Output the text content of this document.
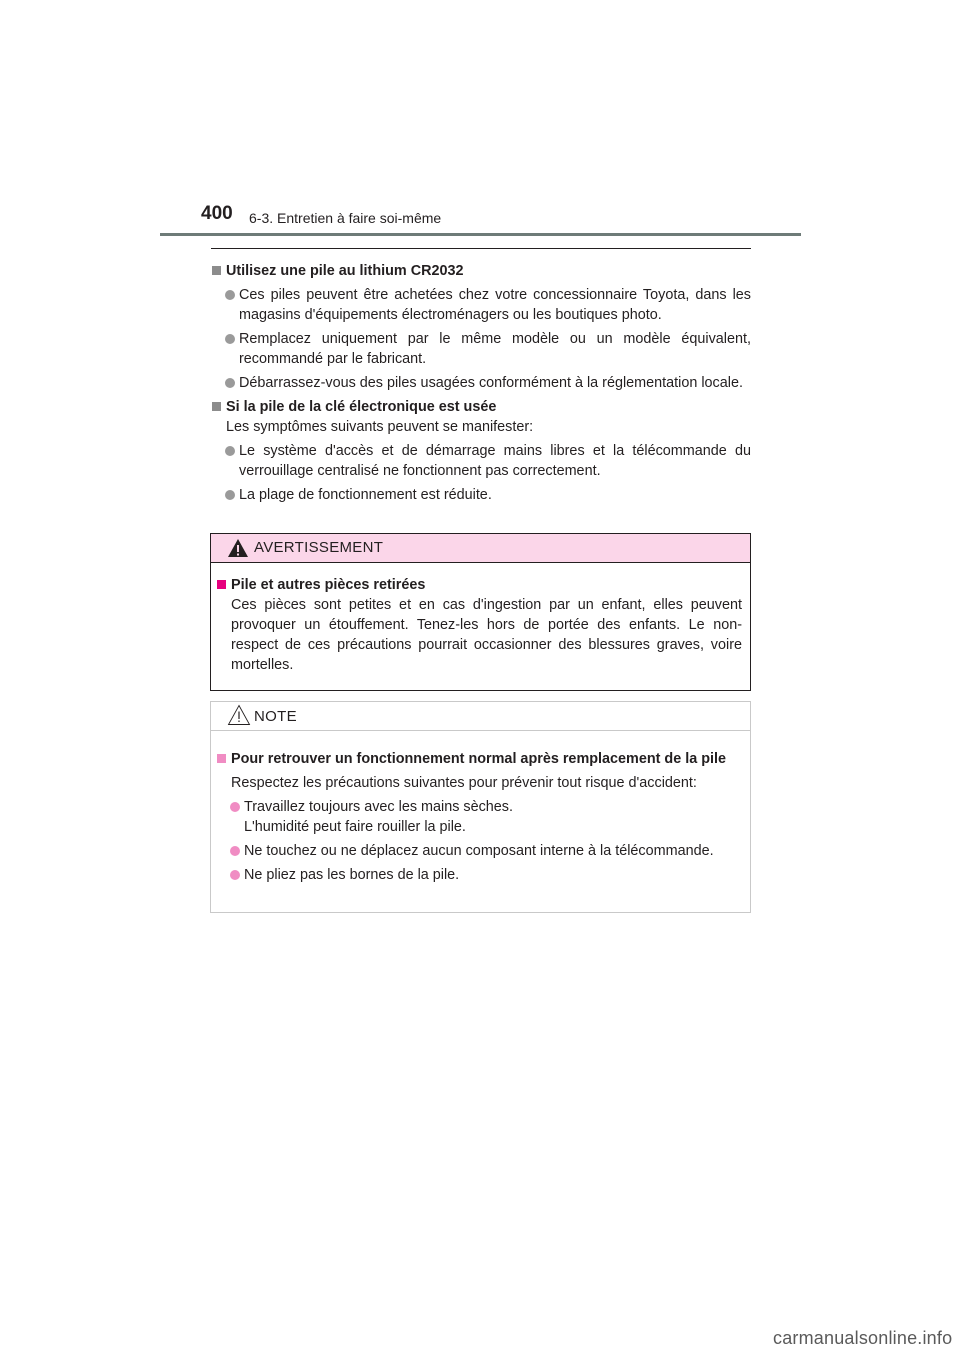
400 6-3. Entretien à faire soi-même
Utilisez une pile au lithium CR2032
Ces piles peuvent être achetées chez votre concessionnaire Toyota, dans les magasins d'équipements électroménagers ou les boutiques photo.
Remplacez uniquement par le même modèle ou un modèle équivalent, recommandé par le fabricant.
Débarrassez-vous des piles usagées conformément à la réglementation locale.
Si la pile de la clé électronique est usée
Les symptômes suivants peuvent se manifester:
Le système d'accès et de démarrage mains libres et la télécommande du verrouillage centralisé ne fonctionnent pas correctement.
La plage de fonctionnement est réduite.
AVERTISSEMENT
Pile et autres pièces retirées
Ces pièces sont petites et en cas d'ingestion par un enfant, elles peuvent provoquer un étouffement. Tenez-les hors de portée des enfants. Le non-respect de ces précautions pourrait occasionner des blessures graves, voire mortelles.
NOTE
Pour retrouver un fonctionnement normal après remplacement de la pile
Respectez les précautions suivantes pour prévenir tout risque d'accident:
Travaillez toujours avec les mains sèches.
L'humidité peut faire rouiller la pile.
Ne touchez ou ne déplacez aucun composant interne à la télécommande.
Ne pliez pas les bornes de la pile.
carmanualsonline.info
